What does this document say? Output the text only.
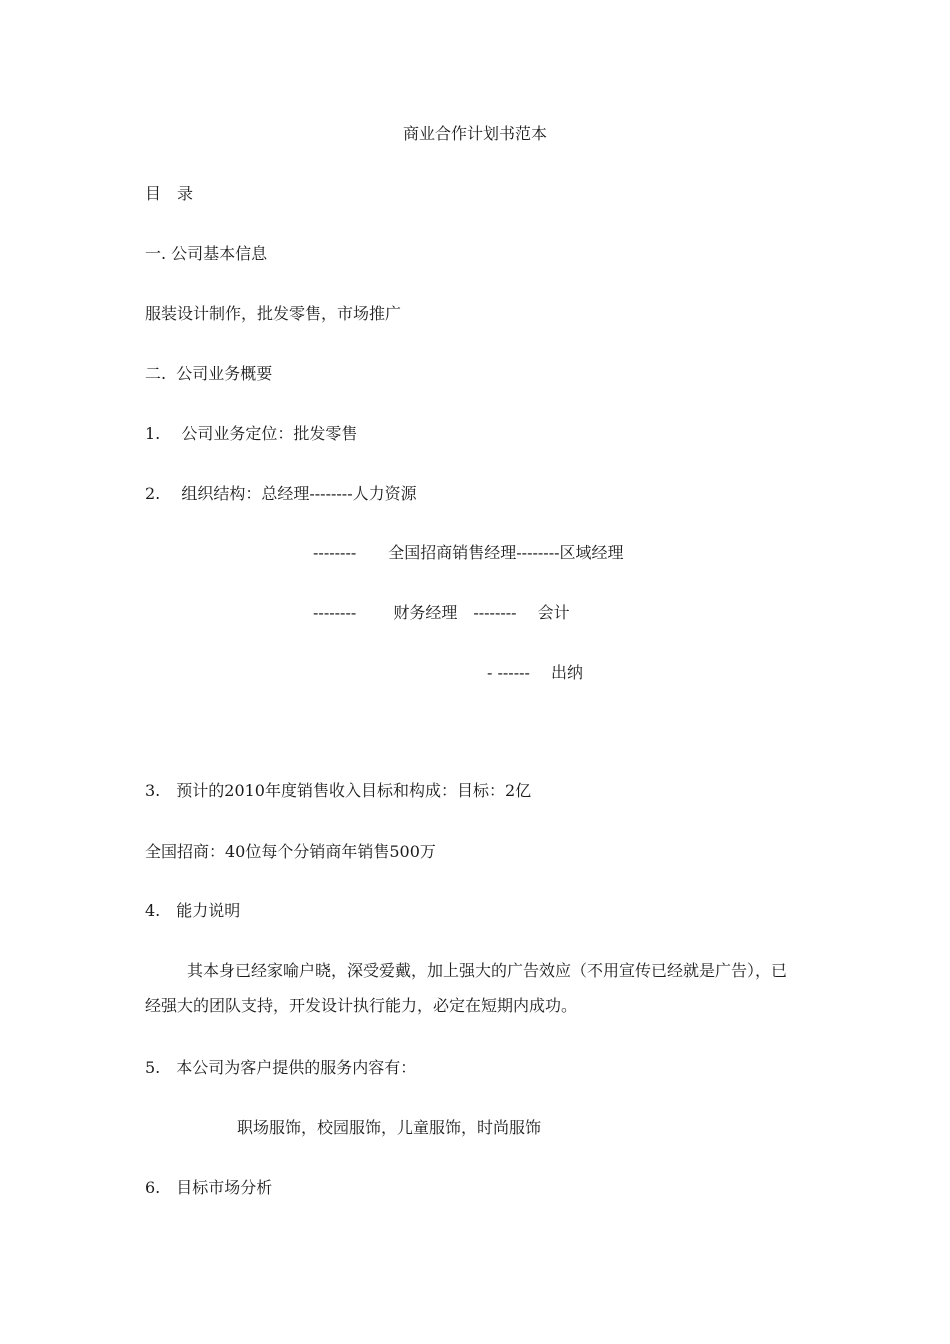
商业合作计划书范本
目　录
一. 公司基本信息
服装设计制作，批发零售，市场推广
二.  公司业务概要
1.　 公司业务定位：批发零售
2.　 组织结构：总经理--------人力资源
--------　　全国招商销售经理--------区域经理
--------　　 财务经理　--------　 会计
- ------　 出纳
3.　预计的2010年度销售收入目标和构成：目标：2亿
全国招商：40位每个分销商年销售500万
4.　能力说明
其本身已经家喻户晓，深受爱戴，加上强大的广告效应（不用宣传已经就是广告），已
经强大的团队支持，开发设计执行能力，必定在短期内成功。
5.　本公司为客户提供的服务内容有：
职场服饰，校园服饰，儿童服饰，时尚服饰
6.　目标市场分析
